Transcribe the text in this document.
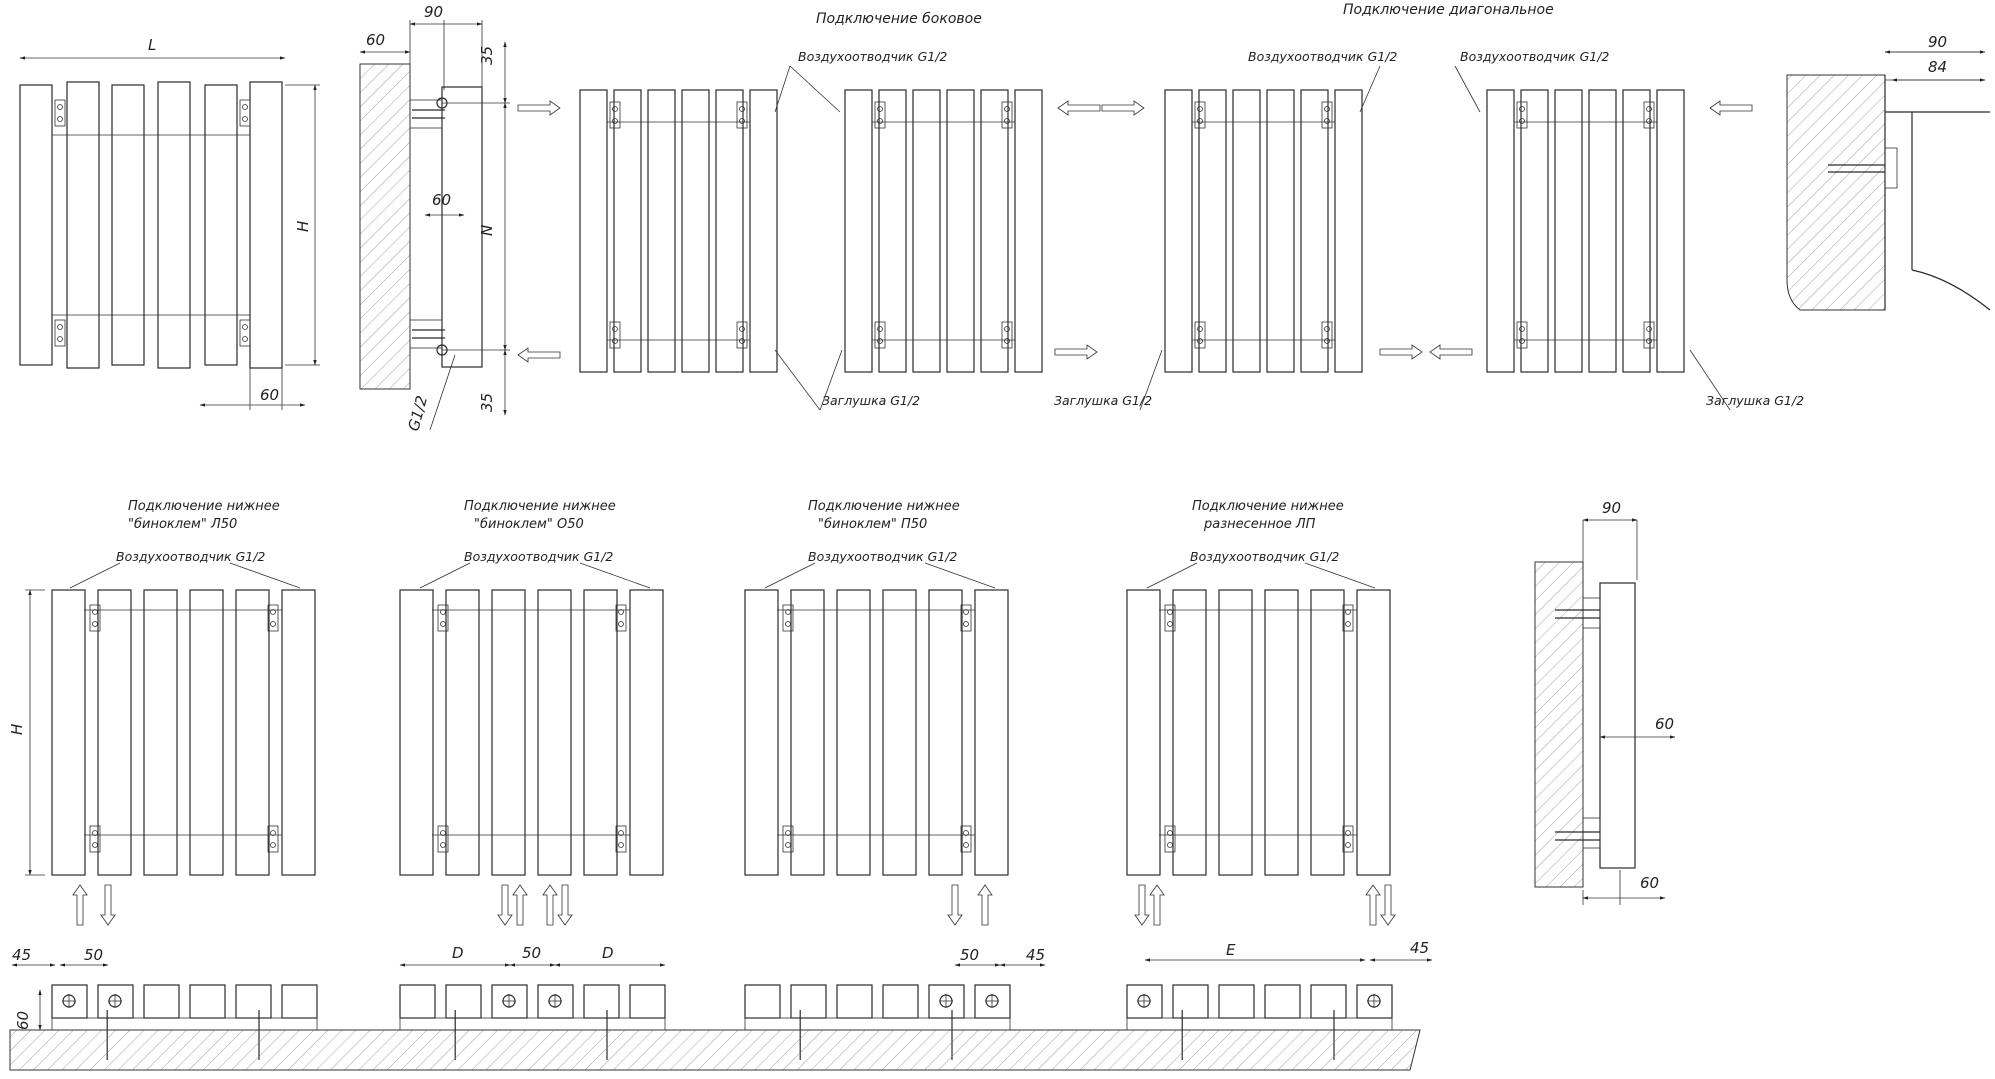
Подключение боковое
Подключение диагональное
Воздухоотводчик G1/2	Воздухоотводчик G1/2	Воздухоотводчик G1/2
Заглушка G1/2	Заглушка G1/2	Заглушка G1/2
L
H
60
60
90
35
60
N
35
G1/2
90
84
Подключение нижнее
"биноклем" Л50
Подключение нижнее
"биноклем" O50
Подключение нижнее
"биноклем" П50
Подключение нижнее
разнесенное ЛП
Воздухоотводчик G1/2	Воздухоотводчик G1/2	Воздухоотводчик G1/2	Воздухоотводчик G1/2
H
45	50
60
D	50	D	50	45	E	45
90
60
60
